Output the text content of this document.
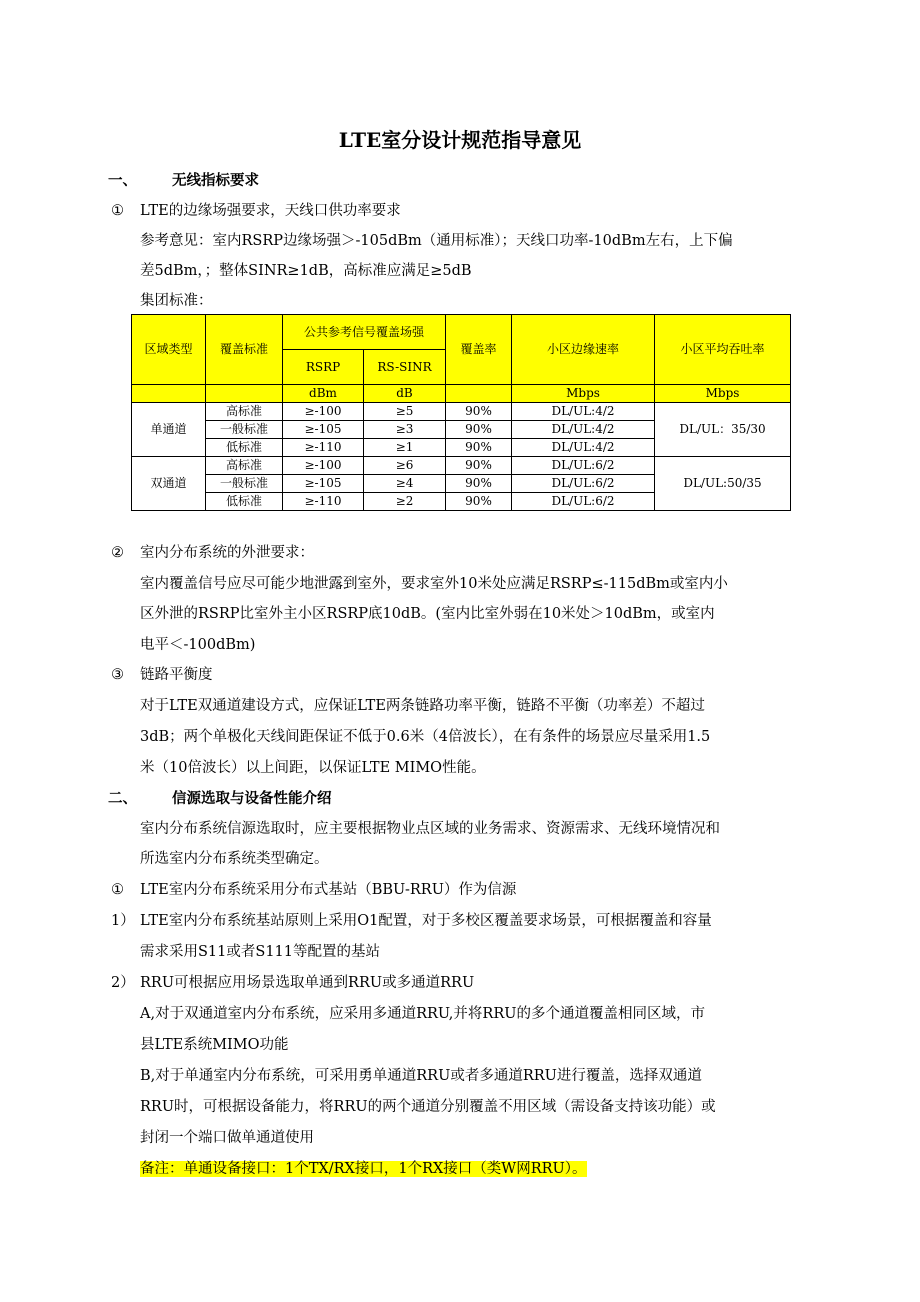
LTE室分设计规范指导意见
一、 无线指标要求
① LTE的边缘场强要求，天线口供功率要求
参考意见：室内RSRP边缘场强＞-105dBm（通用标准）；天线口功率-10dBm左右，上下偏
差5dBm，；整体SINR≥1dB，高标准应满足≥5dB
集团标准：
区域类型	覆盖标准	公共参考信号覆盖场强		覆盖率	小区边缘速率	小区平均吞吐率
		RSRP	RS-SINR			
		dBm	dB		Mbps	Mbps
单通道	高标准	≥-100	≥5	90%	DL/UL:4/2	DL/UL：35/30
	一般标准	≥-105	≥3	90%	DL/UL:4/2	
	低标准	≥-110	≥1	90%	DL/UL:4/2	
双通道	高标准	≥-100	≥6	90%	DL/UL:6/2	DL/UL:50/35
	一般标准	≥-105	≥4	90%	DL/UL:6/2	
	低标准	≥-110	≥2	90%	DL/UL:6/2	
② 室内分布系统的外泄要求：
室内覆盖信号应尽可能少地泄露到室外，要求室外10米处应满足RSRP≤-115dBm或室内小
区外泄的RSRP比室外主小区RSRP底10dB。(室内比室外弱在10米处＞10dBm，或室内
电平＜-100dBm)
③ 链路平衡度
对于LTE双通道建设方式，应保证LTE两条链路功率平衡，链路不平衡（功率差）不超过
3dB；两个单极化天线间距保证不低于0.6米（4倍波长），在有条件的场景应尽量采用1.5
米（10倍波长）以上间距，以保证LTE MIMO性能。
二、 信源选取与设备性能介绍
室内分布系统信源选取时，应主要根据物业点区域的业务需求、资源需求、无线环境情况和
所选室内分布系统类型确定。
① LTE室内分布系统采用分布式基站（BBU-RRU）作为信源
1） LTE室内分布系统基站原则上采用O1配置，对于多校区覆盖要求场景，可根据覆盖和容量
需求采用S11或者S111等配置的基站
2） RRU可根据应用场景选取单通到RRU或多通道RRU
A,对于双通道室内分布系统，应采用多通道RRU,并将RRU的多个通道覆盖相同区域，市
县LTE系统MIMO功能
B,对于单通室内分布系统，可采用勇单通道RRU或者多通道RRU进行覆盖，选择双通道
RRU时，可根据设备能力，将RRU的两个通道分别覆盖不用区域（需设备支持该功能）或
封闭一个端口做单通道使用
备注：单通设备接口：1个TX/RX接口，1个RX接口（类W网RRU）。
